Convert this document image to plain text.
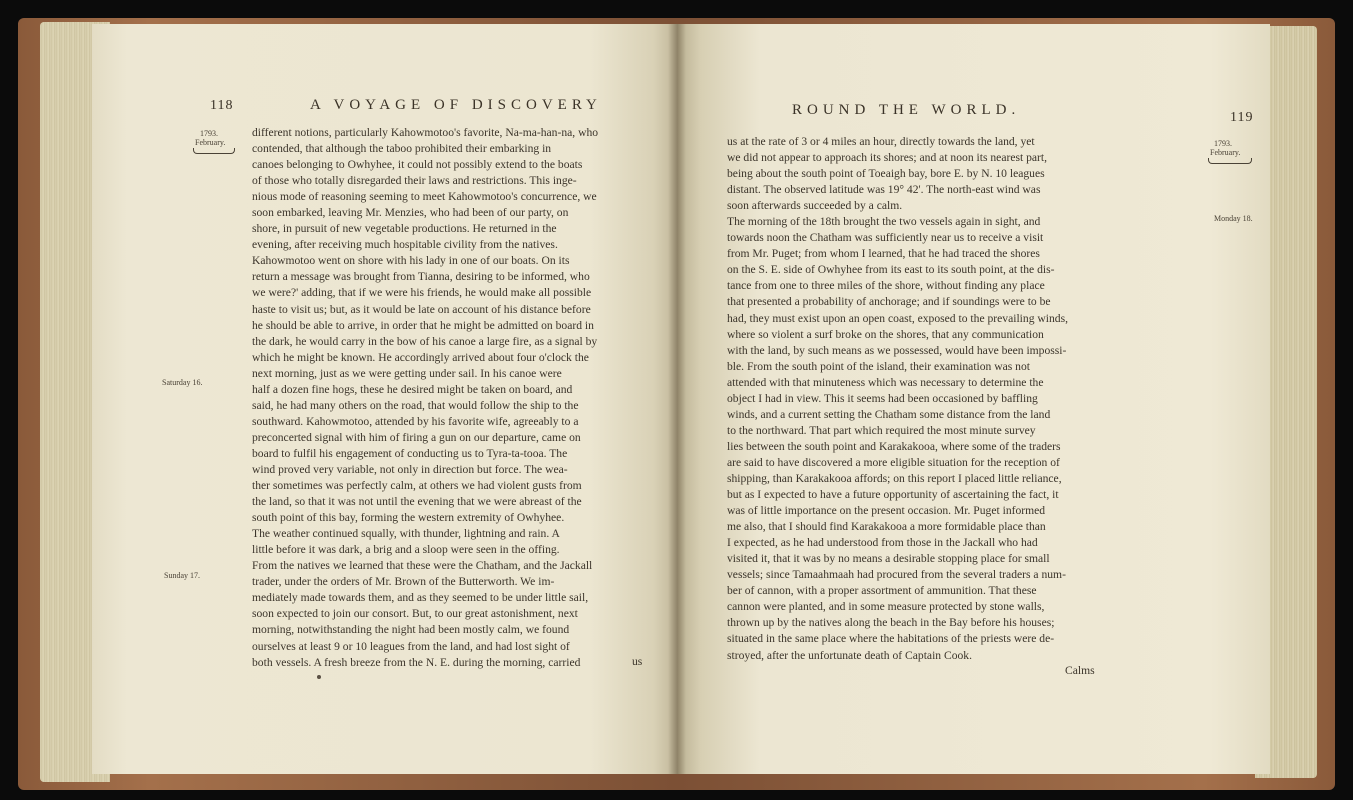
118	A VOYAGE OF DISCOVERY
1793.
February.
Saturday 16.
Sunday 17.
different notions, particularly Kahowmotoo's favorite, Na-ma-han-na, who
contended, that although the taboo prohibited their embarking in
canoes belonging to Owhyhee, it could not possibly extend to the boats
of those who totally disregarded their laws and restrictions. This inge-
nious mode of reasoning seeming to meet Kahowmotoo's concurrence, we
soon embarked, leaving Mr. Menzies, who had been of our party, on
shore, in pursuit of new vegetable productions. He returned in the
evening, after receiving much hospitable civility from the natives.
Kahowmotoo went on shore with his lady in one of our boats. On its
return a message was brought from Tianna, desiring to be informed, who
we were?' adding, that if we were his friends, he would make all possible
haste to visit us; but, as it would be late on account of his distance before
he should be able to arrive, in order that he might be admitted on board in
the dark, he would carry in the bow of his canoe a large fire, as a signal by
which he might be known. He accordingly arrived about four o'clock the
next morning, just as we were getting under sail. In his canoe were
half a dozen fine hogs, these he desired might be taken on board, and
said, he had many others on the road, that would follow the ship to the
southward. Kahowmotoo, attended by his favorite wife, agreeably to a
preconcerted signal with him of firing a gun on our departure, came on
board to fulfil his engagement of conducting us to Tyra-ta-tooa. The
wind proved very variable, not only in direction but force. The wea-
ther sometimes was perfectly calm, at others we had violent gusts from
the land, so that it was not until the evening that we were abreast of the
south point of this bay, forming the western extremity of Owhyhee.
The weather continued squally, with thunder, lightning and rain. A
little before it was dark, a brig and a sloop were seen in the offing.
From the natives we learned that these were the Chatham, and the Jackall
trader, under the orders of Mr. Brown of the Butterworth. We im-
mediately made towards them, and as they seemed to be under little sail,
soon expected to join our consort. But, to our great astonishment, next
morning, notwithstanding the night had been mostly calm, we found
ourselves at least 9 or 10 leagues from the land, and had lost sight of
both vessels. A fresh breeze from the N. E. during the morning, carried	us
ROUND THE WORLD.	119
1793.
February.
Monday 18.
us at the rate of 3 or 4 miles an hour, directly towards the land, yet
we did not appear to approach its shores; and at noon its nearest part,
being about the south point of Toeaigh bay, bore E. by N. 10 leagues
distant. The observed latitude was 19° 42'. The north-east wind was
soon afterwards succeeded by a calm.
The morning of the 18th brought the two vessels again in sight, and
towards noon the Chatham was sufficiently near us to receive a visit
from Mr. Puget; from whom I learned, that he had traced the shores
on the S. E. side of Owhyhee from its east to its south point, at the dis-
tance from one to three miles of the shore, without finding any place
that presented a probability of anchorage; and if soundings were to be
had, they must exist upon an open coast, exposed to the prevailing winds,
where so violent a surf broke on the shores, that any communication
with the land, by such means as we possessed, would have been impossi-
ble. From the south point of the island, their examination was not
attended with that minuteness which was necessary to determine the
object I had in view. This it seems had been occasioned by baffling
winds, and a current setting the Chatham some distance from the land
to the northward. That part which required the most minute survey
lies between the south point and Karakakooa, where some of the traders
are said to have discovered a more eligible situation for the reception of
shipping, than Karakakooa affords; on this report I placed little reliance,
but as I expected to have a future opportunity of ascertaining the fact, it
was of little importance on the present occasion. Mr. Puget informed
me also, that I should find Karakakooa a more formidable place than
I expected, as he had understood from those in the Jackall who had
visited it, that it was by no means a desirable stopping place for small
vessels; since Tamaahmaah had procured from the several traders a num-
ber of cannon, with a proper assortment of ammunition. That these
cannon were planted, and in some measure protected by stone walls,
thrown up by the natives along the beach in the Bay before his houses;
situated in the same place where the habitations of the priests were de-
stroyed, after the unfortunate death of Captain Cook.
Calms
